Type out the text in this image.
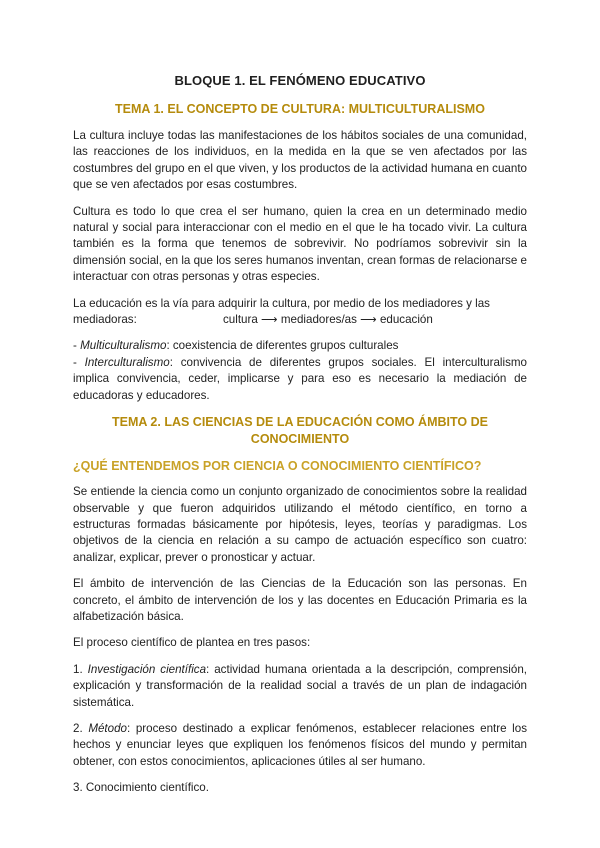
BLOQUE 1. EL FENÓMENO EDUCATIVO
TEMA 1. EL CONCEPTO DE CULTURA: MULTICULTURALISMO

La cultura incluye todas las manifestaciones de los hábitos sociales de una comunidad, las reacciones de los individuos, en la medida en la que se ven afectados por las costumbres del grupo en el que viven, y los productos de la actividad humana en cuanto que se ven afectados por esas costumbres.

Cultura es todo lo que crea el ser humano, quien la crea en un determinado medio natural y social para interaccionar con el medio en el que le ha tocado vivir. La cultura también es la forma que tenemos de sobrevivir. No podríamos sobrevivir sin la dimensión social, en la que los seres humanos inventan, crean formas de relacionarse e interactuar con otras personas y otras especies.

La educación es la vía para adquirir la cultura, por medio de los mediadores y las
mediadoras:	cultura ⟶ mediadores/as ⟶ educación

- Multiculturalismo: coexistencia de diferentes grupos culturales

- Interculturalismo: convivencia de diferentes grupos sociales. El interculturalismo implica convivencia, ceder, implicarse y para eso es necesario la mediación de educadoras y educadores.

TEMA 2. LAS CIENCIAS DE LA EDUCACIÓN COMO ÁMBITO DE
CONOCIMIENTO
¿QUÉ ENTENDEMOS POR CIENCIA O CONOCIMIENTO CIENTÍFICO?

Se entiende la ciencia como un conjunto organizado de conocimientos sobre la realidad observable y que fueron adquiridos utilizando el método científico, en torno a estructuras formadas básicamente por hipótesis, leyes, teorías y paradigmas. Los objetivos de la ciencia en relación a su campo de actuación específico son cuatro: analizar, explicar, prever o pronosticar y actuar.

El ámbito de intervención de las Ciencias de la Educación son las personas. En concreto, el ámbito de intervención de los y las docentes en Educación Primaria es la alfabetización básica.

El proceso científico de plantea en tres pasos:

1. Investigación científica: actividad humana orientada a la descripción, comprensión, explicación y transformación de la realidad social a través de un plan de indagación sistemática.

2. Método: proceso destinado a explicar fenómenos, establecer relaciones entre los hechos y enunciar leyes que expliquen los fenómenos físicos del mundo y permitan obtener, con estos conocimientos, aplicaciones útiles al ser humano.

3. Conocimiento científico.
